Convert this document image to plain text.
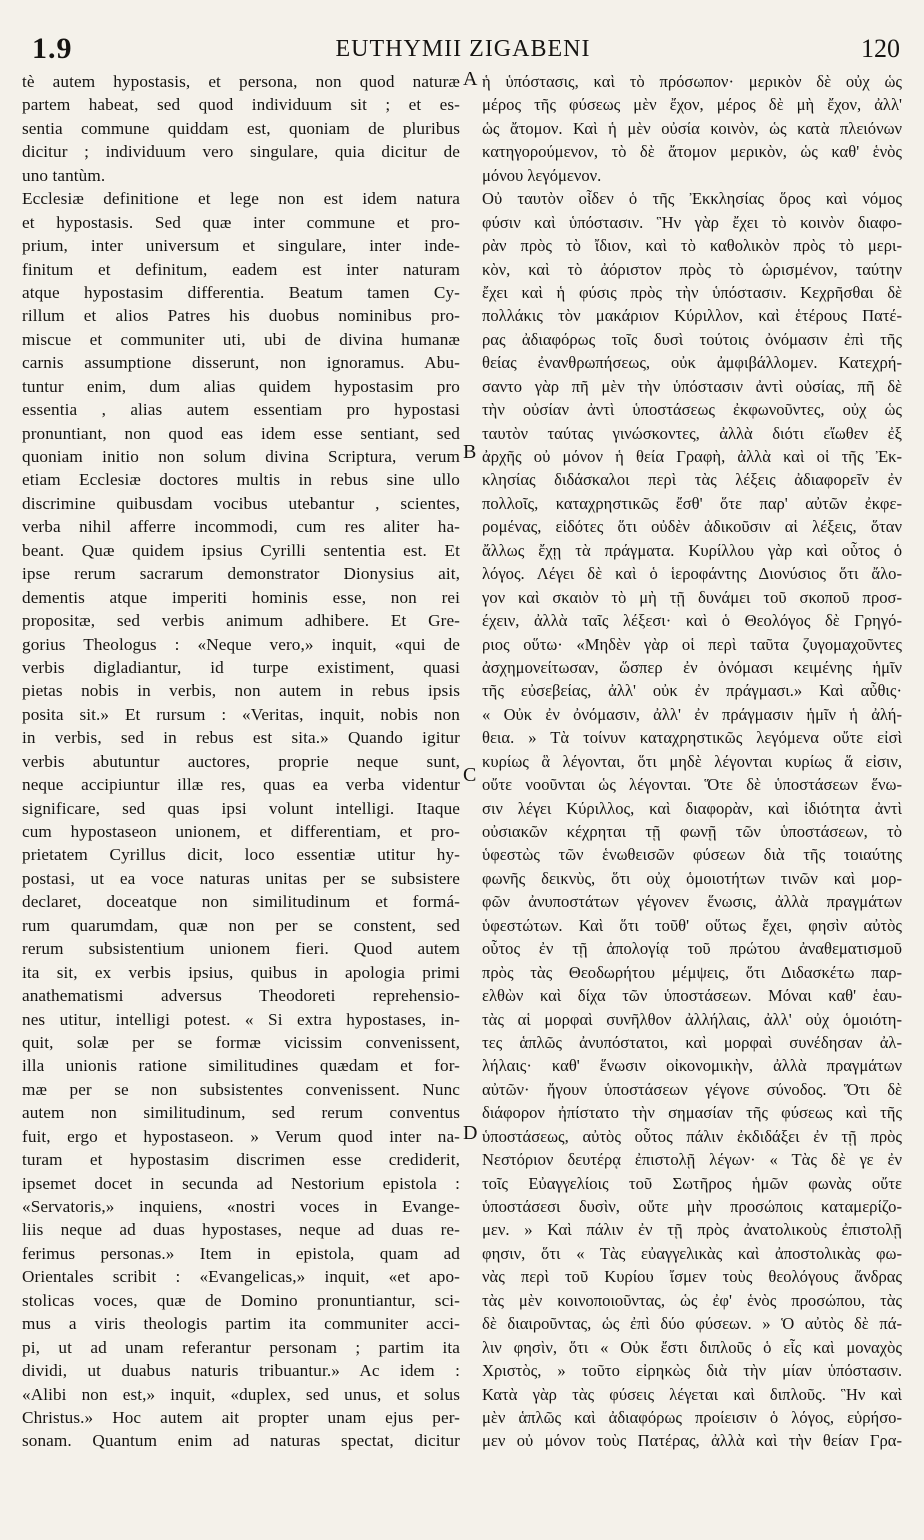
1.9	EUTHYMII ZIGABENI	120
tè autem hypostasis, et persona, non quod naturæ
partem habeat, sed quod individuum sit ; et es-
sentia commune quiddam est, quoniam de pluribus
dicitur ; individuum vero singulare, quia dicitur de
uno tantùm.
Ecclesiæ definitione et lege non est idem natura
et hypostasis. Sed quæ inter commune et pro-
prium, inter universum et singulare, inter inde-
finitum et definitum, eadem est inter naturam
atque hypostasim differentia. Beatum tamen Cy-
rillum et alios Patres his duobus nominibus pro-
miscue et communiter uti, ubi de divina humanæ
carnis assumptione disserunt, non ignoramus. Abu-
tuntur enim, dum alias quidem hypostasim pro
essentia , alias autem essentiam pro hypostasi
pronuntiant, non quod eas idem esse sentiant, sed
quoniam initio non solum divina Scriptura, verum
etiam Ecclesiæ doctores multis in rebus sine ullo
discrimine quibusdam vocibus utebantur , scientes,
verba nihil afferre incommodi, cum res aliter ha-
beant. Quæ quidem ipsius Cyrilli sententia est. Et
ipse rerum sacrarum demonstrator Dionysius ait,
dementis atque imperiti hominis esse, non rei
propositæ, sed verbis animum adhibere. Et Gre-
gorius Theologus : «Neque vero,» inquit, «qui de
verbis digladiantur, id turpe existiment, quasi
pietas nobis in verbis, non autem in rebus ipsis
posita sit.» Et rursum : «Veritas, inquit, nobis non
in verbis, sed in rebus est sita.» Quando igitur
verbis abutuntur auctores, proprie neque sunt,
neque accipiuntur illæ res, quas ea verba videntur
significare, sed quas ipsi volunt intelligi. Itaque
cum hypostaseon unionem, et differentiam, et pro-
prietatem Cyrillus dicit, loco essentiæ utitur hy-
postasi, ut ea voce naturas unitas per se subsistere
declaret, doceatque non similitudinum et formá-
rum quarumdam, quæ non per se constent, sed
rerum subsistentium unionem fieri. Quod autem
ita sit, ex verbis ipsius, quibus in apologia primi
anathematismi adversus Theodoreti reprehensio-
nes utitur, intelligi potest. « Si extra hypostases, in-
quit, solæ per se formæ vicissim convenissent,
illa unionis ratione similitudines quædam et for-
mæ per se non subsistentes convenissent. Nunc
autem non similitudinum, sed rerum conventus
fuit, ergo et hypostaseon. » Verum quod inter na-
turam et hypostasim discrimen esse crediderit,
ipsemet docet in secunda ad Nestorium epistola :
«Servatoris,» inquiens, «nostri voces in Evange-
liis neque ad duas hypostases, neque ad duas re-
ferimus personas.» Item in epistola, quam ad
Orientales scribit : «Evangelicas,» inquit, «et apo-
stolicas voces, quæ de Domino pronuntiantur, sci-
mus a viris theologis partim ita communiter acci-
pi, ut ad unam referantur personam ; partim ita
dividi, ut duabus naturis tribuantur.» Ac idem :
«Alibi non est,» inquit, «duplex, sed unus, et solus
Christus.» Hoc autem ait propter unam ejus per-
sonam. Quantum enim ad naturas spectat, dicitur
A
B
C
D
ἡ ὑπόστασις, καὶ τὸ πρόσωπον· μερικὸν δὲ οὐχ ὡς
μέρος τῆς φύσεως μὲν ἔχον, μέρος δὲ μὴ ἔχον, ἀλλ'
ὡς ἄτομον. Καὶ ἡ μὲν οὐσία κοινὸν, ὡς κατὰ πλειόνων
κατηγορούμενον, τὸ δὲ ἄτομον μερικὸν, ὡς καθ' ἑνὸς
μόνου λεγόμενον.
Οὐ ταυτὸν οἶδεν ὁ τῆς Ἐκκλησίας ὅρος καὶ νόμος
φύσιν καὶ ὑπόστασιν. Ἣν γὰρ ἔχει τὸ κοινὸν διαφο-
ρὰν πρὸς τὸ ἴδιον, καὶ τὸ καθολικὸν πρὸς τὸ μερι-
κὸν, καὶ τὸ ἀόριστον πρὸς τὸ ὡρισμένον, ταύτην
ἔχει καὶ ἡ φύσις πρὸς τὴν ὑπόστασιν. Κεχρῆσθαι δὲ
πολλάκις τὸν μακάριον Κύριλλον, καὶ ἑτέρους Πατέ-
ρας ἀδιαφόρως τοῖς δυσὶ τούτοις ὀνόμασιν ἐπὶ τῆς
θείας ἐνανθρωπήσεως, οὐκ ἀμφιβάλλομεν. Κατεχρή-
σαντο γὰρ πῆ μὲν τὴν ὑπόστασιν ἀντὶ οὐσίας, πῆ δὲ
τὴν οὐσίαν ἀντὶ ὑποστάσεως ἐκφωνοῦντες, οὐχ ὡς
ταυτὸν ταύτας γινώσκοντες, ἀλλὰ διότι εἴωθεν ἐξ
ἀρχῆς οὐ μόνον ἡ θεία Γραφὴ, ἀλλὰ καὶ οἱ τῆς Ἐκ-
κλησίας διδάσκαλοι περὶ τὰς λέξεις ἀδιαφορεῖν ἐν
πολλοῖς, καταχρηστικῶς ἔσθ' ὅτε παρ' αὐτῶν ἐκφε-
ρομένας, εἰδότες ὅτι οὐδὲν ἀδικοῦσιν αἱ λέξεις, ὅταν
ἄλλως ἔχῃ τὰ πράγματα. Κυρίλλου γὰρ καὶ οὗτος ὁ
λόγος. Λέγει δὲ καὶ ὁ ἱεροφάντης Διονύσιος ὅτι ἄλο-
γον καὶ σκαιὸν τὸ μὴ τῇ δυνάμει τοῦ σκοποῦ προσ-
έχειν, ἀλλὰ ταῖς λέξεσι· καὶ ὁ Θεολόγος δὲ Γρηγό-
ριος οὕτω· «Μηδὲν γὰρ οἱ περὶ ταῦτα ζυγομαχοῦντες
ἀσχημονείτωσαν, ὥσπερ ἐν ὀνόμασι κειμένης ἡμῖν
τῆς εὐσεβείας, ἀλλ' οὐκ ἐν πράγμασι.» Καὶ αὖθις·
« Οὐκ ἐν ὀνόμασιν, ἀλλ' ἐν πράγμασιν ἡμῖν ἡ ἀλή-
θεια. » Τὰ τοίνυν καταχρηστικῶς λεγόμενα οὔτε εἰσὶ
κυρίως ἃ λέγονται, ὅτι μηδὲ λέγονται κυρίως ἅ εἰσιν,
οὔτε νοοῦνται ὡς λέγονται. Ὅτε δὲ ὑποστάσεων ἕνω-
σιν λέγει Κύριλλος, καὶ διαφορὰν, καὶ ἰδιότητα ἀντὶ
οὐσιακῶν κέχρηται τῇ φωνῇ τῶν ὑποστάσεων, τὸ
ὑφεστὼς τῶν ἑνωθεισῶν φύσεων διὰ τῆς τοιαύτης
φωνῆς δεικνὺς, ὅτι οὐχ ὁμοιοτήτων τινῶν καὶ μορ-
φῶν ἀνυποστάτων γέγονεν ἕνωσις, ἀλλὰ πραγμάτων
ὑφεστώτων. Καὶ ὅτι τοῦθ' οὕτως ἔχει, φησὶν αὐτὸς
οὗτος ἐν τῇ ἀπολογίᾳ τοῦ πρώτου ἀναθεματισμοῦ
πρὸς τὰς Θεοδωρήτου μέμψεις, ὅτι Διδασκέτω παρ-
ελθὼν καὶ δίχα τῶν ὑποστάσεων. Μόναι καθ' ἑαυ-
τὰς αἱ μορφαὶ συνῆλθον ἀλλήλαις, ἀλλ' οὐχ ὁμοιότη-
τες ἁπλῶς ἀνυπόστατοι, καὶ μορφαὶ συνέδησαν ἀλ-
λήλαις· καθ' ἕνωσιν οἰκονομικὴν, ἀλλὰ πραγμάτων
αὐτῶν· ἤγουν ὑποστάσεων γέγονε σύνοδος. Ὅτι δὲ
διάφορον ἠπίστατο τὴν σημασίαν τῆς φύσεως καὶ τῆς
ὑποστάσεως, αὐτὸς οὗτος πάλιν ἐκδιδάξει ἐν τῇ πρὸς
Νεστόριον δευτέρᾳ ἐπιστολῇ λέγων· « Τὰς δὲ γε ἐν
τοῖς Εὐαγγελίοις τοῦ Σωτῆρος ἡμῶν φωνὰς οὔτε
ὑποστάσεσι δυσὶν, οὔτε μὴν προσώποις καταμερίζο-
μεν. » Καὶ πάλιν ἐν τῇ πρὸς ἀνατολικοὺς ἐπιστολῇ
φησιν, ὅτι « Τὰς εὐαγγελικὰς καὶ ἀποστολικὰς φω-
νὰς περὶ τοῦ Κυρίου ἴσμεν τοὺς θεολόγους ἄνδρας
τὰς μὲν κοινοποιοῦντας, ὡς ἐφ' ἑνὸς προσώπου, τὰς
δὲ διαιροῦντας, ὡς ἐπὶ δύο φύσεων. » Ὁ αὐτὸς δὲ πά-
λιν φησὶν, ὅτι « Οὐκ ἔστι διπλοῦς ὁ εἷς καὶ μοναχὸς
Χριστὸς, » τοῦτο εἰρηκὼς διὰ τὴν μίαν ὑπόστασιν.
Κατὰ γὰρ τὰς φύσεις λέγεται καὶ διπλοῦς. Ἣν καὶ
μὲν ἁπλῶς καὶ ἀδιαφόρως προίεισιν ὁ λόγος, εὑρήσο-
μεν οὐ μόνον τοὺς Πατέρας, ἀλλὰ καὶ τὴν θείαν Γρα-
